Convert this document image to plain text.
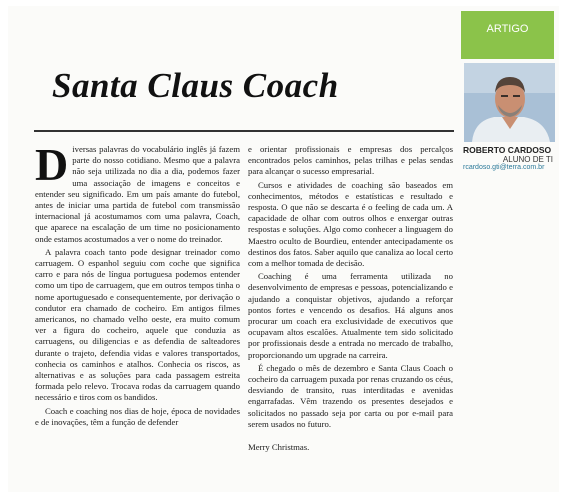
ARTIGO
Santa Claus Coach
ROBERTO CARDOSO
ALUNO DE TI
rcardoso.gti@terra.com.br

Diversas palavras do vocabulário inglês já fazem parte do nosso cotidiano. Mesmo que a palavra não seja utilizada no dia a dia, podemos fazer uma associação de imagens e conceitos e entender seu significado. Em um país amante do futebol, antes de iniciar uma partida de futebol com transmissão internacional já acostumamos com uma palavra, Coach, que aparece na escalação de um time no posicionamento onde estamos acostumados a ver o nome do treinador.

A palavra coach tanto pode designar treinador como carruagem. O espanhol seguiu com coche que significa carro e para nós de língua portuguesa podemos entender como um tipo de carruagem, que em outros tempos tinha o nome aportuguesado e consequentemente, por derivação o condutor era chamado de cocheiro. Em antigos filmes americanos, no chamado velho oeste, era muito comum ver a figura do cocheiro, aquele que conduzia as carruagens, ou diligencias e as defendia de salteadores durante o trajeto, defendia vidas e valores transportados, conhecia os caminhos e atalhos. Conhecia os riscos, as alternativas e as soluções para cada passagem estreita formada pelo relevo. Trocava rodas da carruagem quando necessário e tiros com os bandidos.

Coach e coaching nos dias de hoje, época de novidades e de inovações, têm a função de defender

e orientar profissionais e empresas dos percalços encontrados pelos caminhos, pelas trilhas e pelas sendas para alcançar o sucesso empresarial.

Cursos e atividades de coaching são baseados em conhecimentos, métodos e estatísticas e resultado e resposta. O que não se descarta é o feeling de cada um. A capacidade de olhar com outros olhos e enxergar outras respostas e soluções. Algo como conhecer a linguagem do Maestro oculto de Bourdieu, entender antecipadamente os destinos dos fatos. Saber aquilo que canaliza ao local certo com a melhor tomada de decisão.

Coaching é uma ferramenta utilizada no desenvolvimento de empresas e pessoas, potencializando e ajudando a conquistar objetivos, ajudando a reforçar pontos fortes e vencendo os desafios. Há alguns anos procurar um coach era exclusividade de executivos que ocupavam altos escalões. Atualmente tem sido solicitado por profissionais desde a entrada no mercado de trabalho, proporcionando um upgrade na carreira.

É chegado o mês de dezembro e Santa Claus Coach o cocheiro da carruagem puxada por renas cruzando os céus, desviando de transito, ruas interditadas e avenidas engarrafadas. Vêm trazendo os presentes desejados e solicitados no passado seja por carta ou por e-mail para serem usados no futuro.

Merry Christmas.
